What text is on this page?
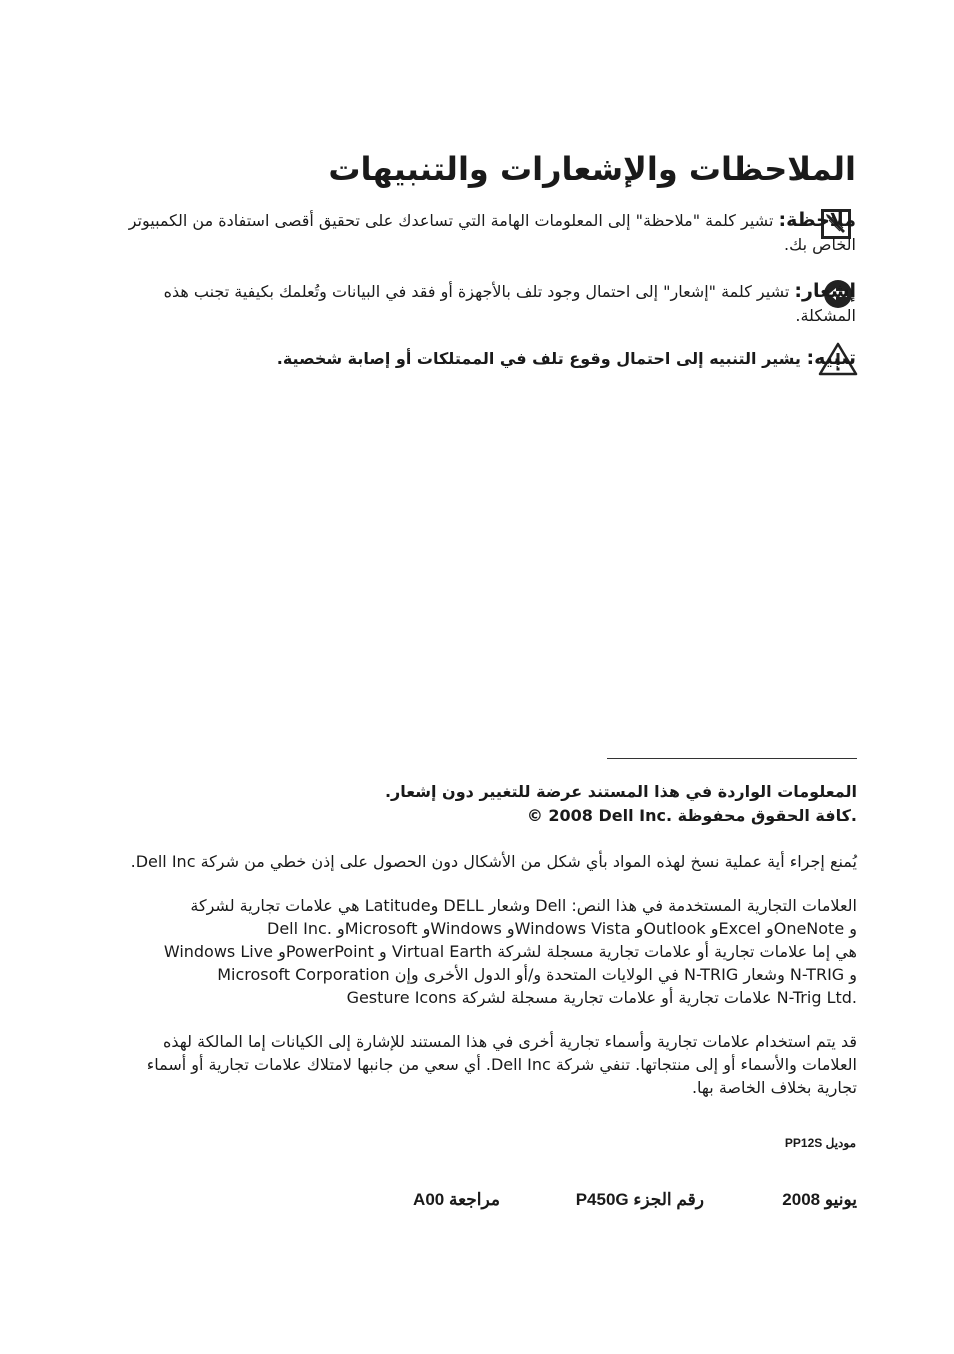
الملاحظات والإشعارات والتنبيهات
ملاحظة: تشير كلمة "ملاحظة" إلى المعلومات الهامة التي تساعدك على تحقيق أقصى استفادة من الكمبيوتر الخاص بك.
إشعار: تشير كلمة "إشعار" إلى احتمال وجود تلف بالأجهزة أو فقد في البيانات وتُعلمك بكيفية تجنب هذه المشكلة.
تنبيه: يشير التنبيه إلى احتمال وقوع تلف في الممتلكات أو إصابة شخصية.
المعلومات الواردة في هذا المستند عرضة للتغيير دون إشعار.
© 2008 Dell Inc. كافة الحقوق محفوظة.
يُمنع إجراء أية عملية نسخ لهذه المواد بأي شكل من الأشكال دون الحصول على إذن خطي من شركة Dell Inc.
العلامات التجارية المستخدمة في هذا النص: Dell وشعار DELL وLatitude هي علامات تجارية لشركة
Dell Inc. وMicrosoft وWindows وWindows Vista وOutlook وExcel وOneNote و
Windows Live وPowerPoint و Virtual Earth هي إما علامات تجارية أو علامات تجارية مسجلة لشركة
Microsoft Corporation في الولايات المتحدة و/أو الدول الأخرى وإن N-TRIG وشعار N-TRIG و
Gesture Icons علامات تجارية أو علامات تجارية مسجلة لشركة N-Trig Ltd.
قد يتم استخدام علامات تجارية وأسماء تجارية أخرى في هذا المستند للإشارة إلى الكيانات إما المالكة لهذه العلامات والأسماء أو إلى منتجاتها. تنفي شركة Dell Inc. أي سعي من جانبها لامتلاك علامات تجارية أو أسماء تجارية بخلاف الخاصة بها.
موديل PP12S
يونيو 2008
رقم الجزء P450G
مراجعة A00
